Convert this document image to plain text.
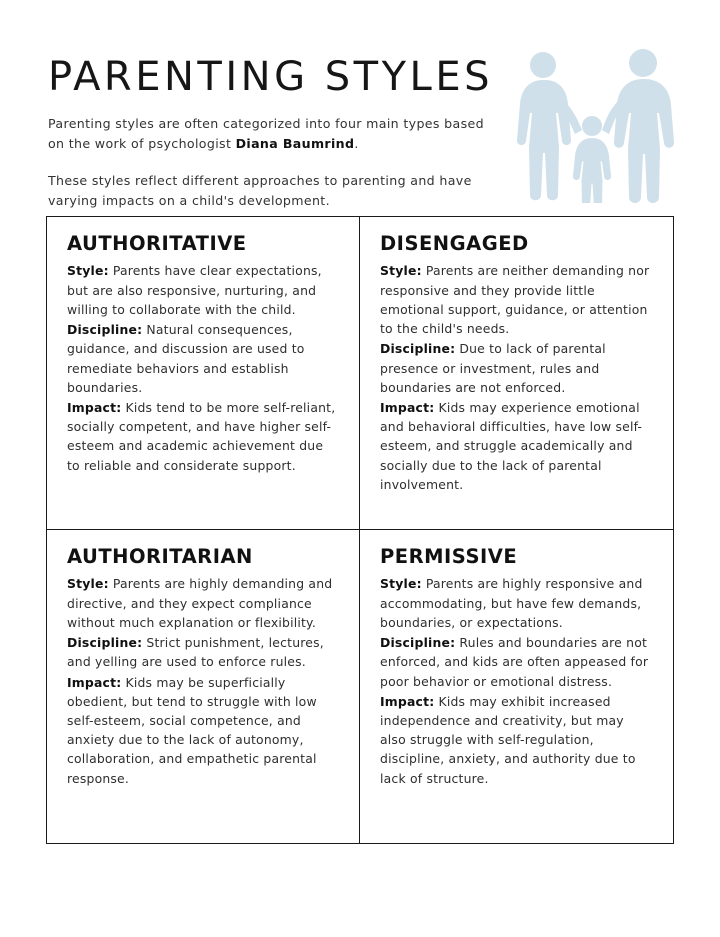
PARENTING STYLES

Parenting styles are often categorized into four main types based on the work of psychologist Diana Baumrind.

These styles reflect different approaches to parenting and have varying impacts on a child's development.

AUTHORITATIVE

Style: Parents have clear expectations, but are also responsive, nurturing, and willing to collaborate with the child.

Discipline: Natural consequences, guidance, and discussion are used to remediate behaviors and establish boundaries.

Impact: Kids tend to be more self-reliant, socially competent, and have higher self-esteem and academic achievement due to reliable and considerate support.

DISENGAGED

Style: Parents are neither demanding nor responsive and they provide little emotional support, guidance, or attention to the child's needs.

Discipline: Due to lack of parental presence or investment, rules and boundaries are not enforced.

Impact: Kids may experience emotional and behavioral difficulties, have low self-esteem, and struggle academically and socially due to the lack of parental involvement.

AUTHORITARIAN

Style: Parents are highly demanding and directive, and they expect compliance without much explanation or flexibility.

Discipline: Strict punishment, lectures, and yelling are used to enforce rules.

Impact: Kids may be superficially obedient, but tend to struggle with low self-esteem, social competence, and anxiety due to the lack of autonomy, collaboration, and empathetic parental response.

PERMISSIVE

Style: Parents are highly responsive and accommodating, but have few demands, boundaries, or expectations.

Discipline: Rules and boundaries are not enforced, and kids are often appeased for poor behavior or emotional distress.

Impact: Kids may exhibit increased independence and creativity, but may also struggle with self-regulation, discipline, anxiety, and authority due to lack of structure.
